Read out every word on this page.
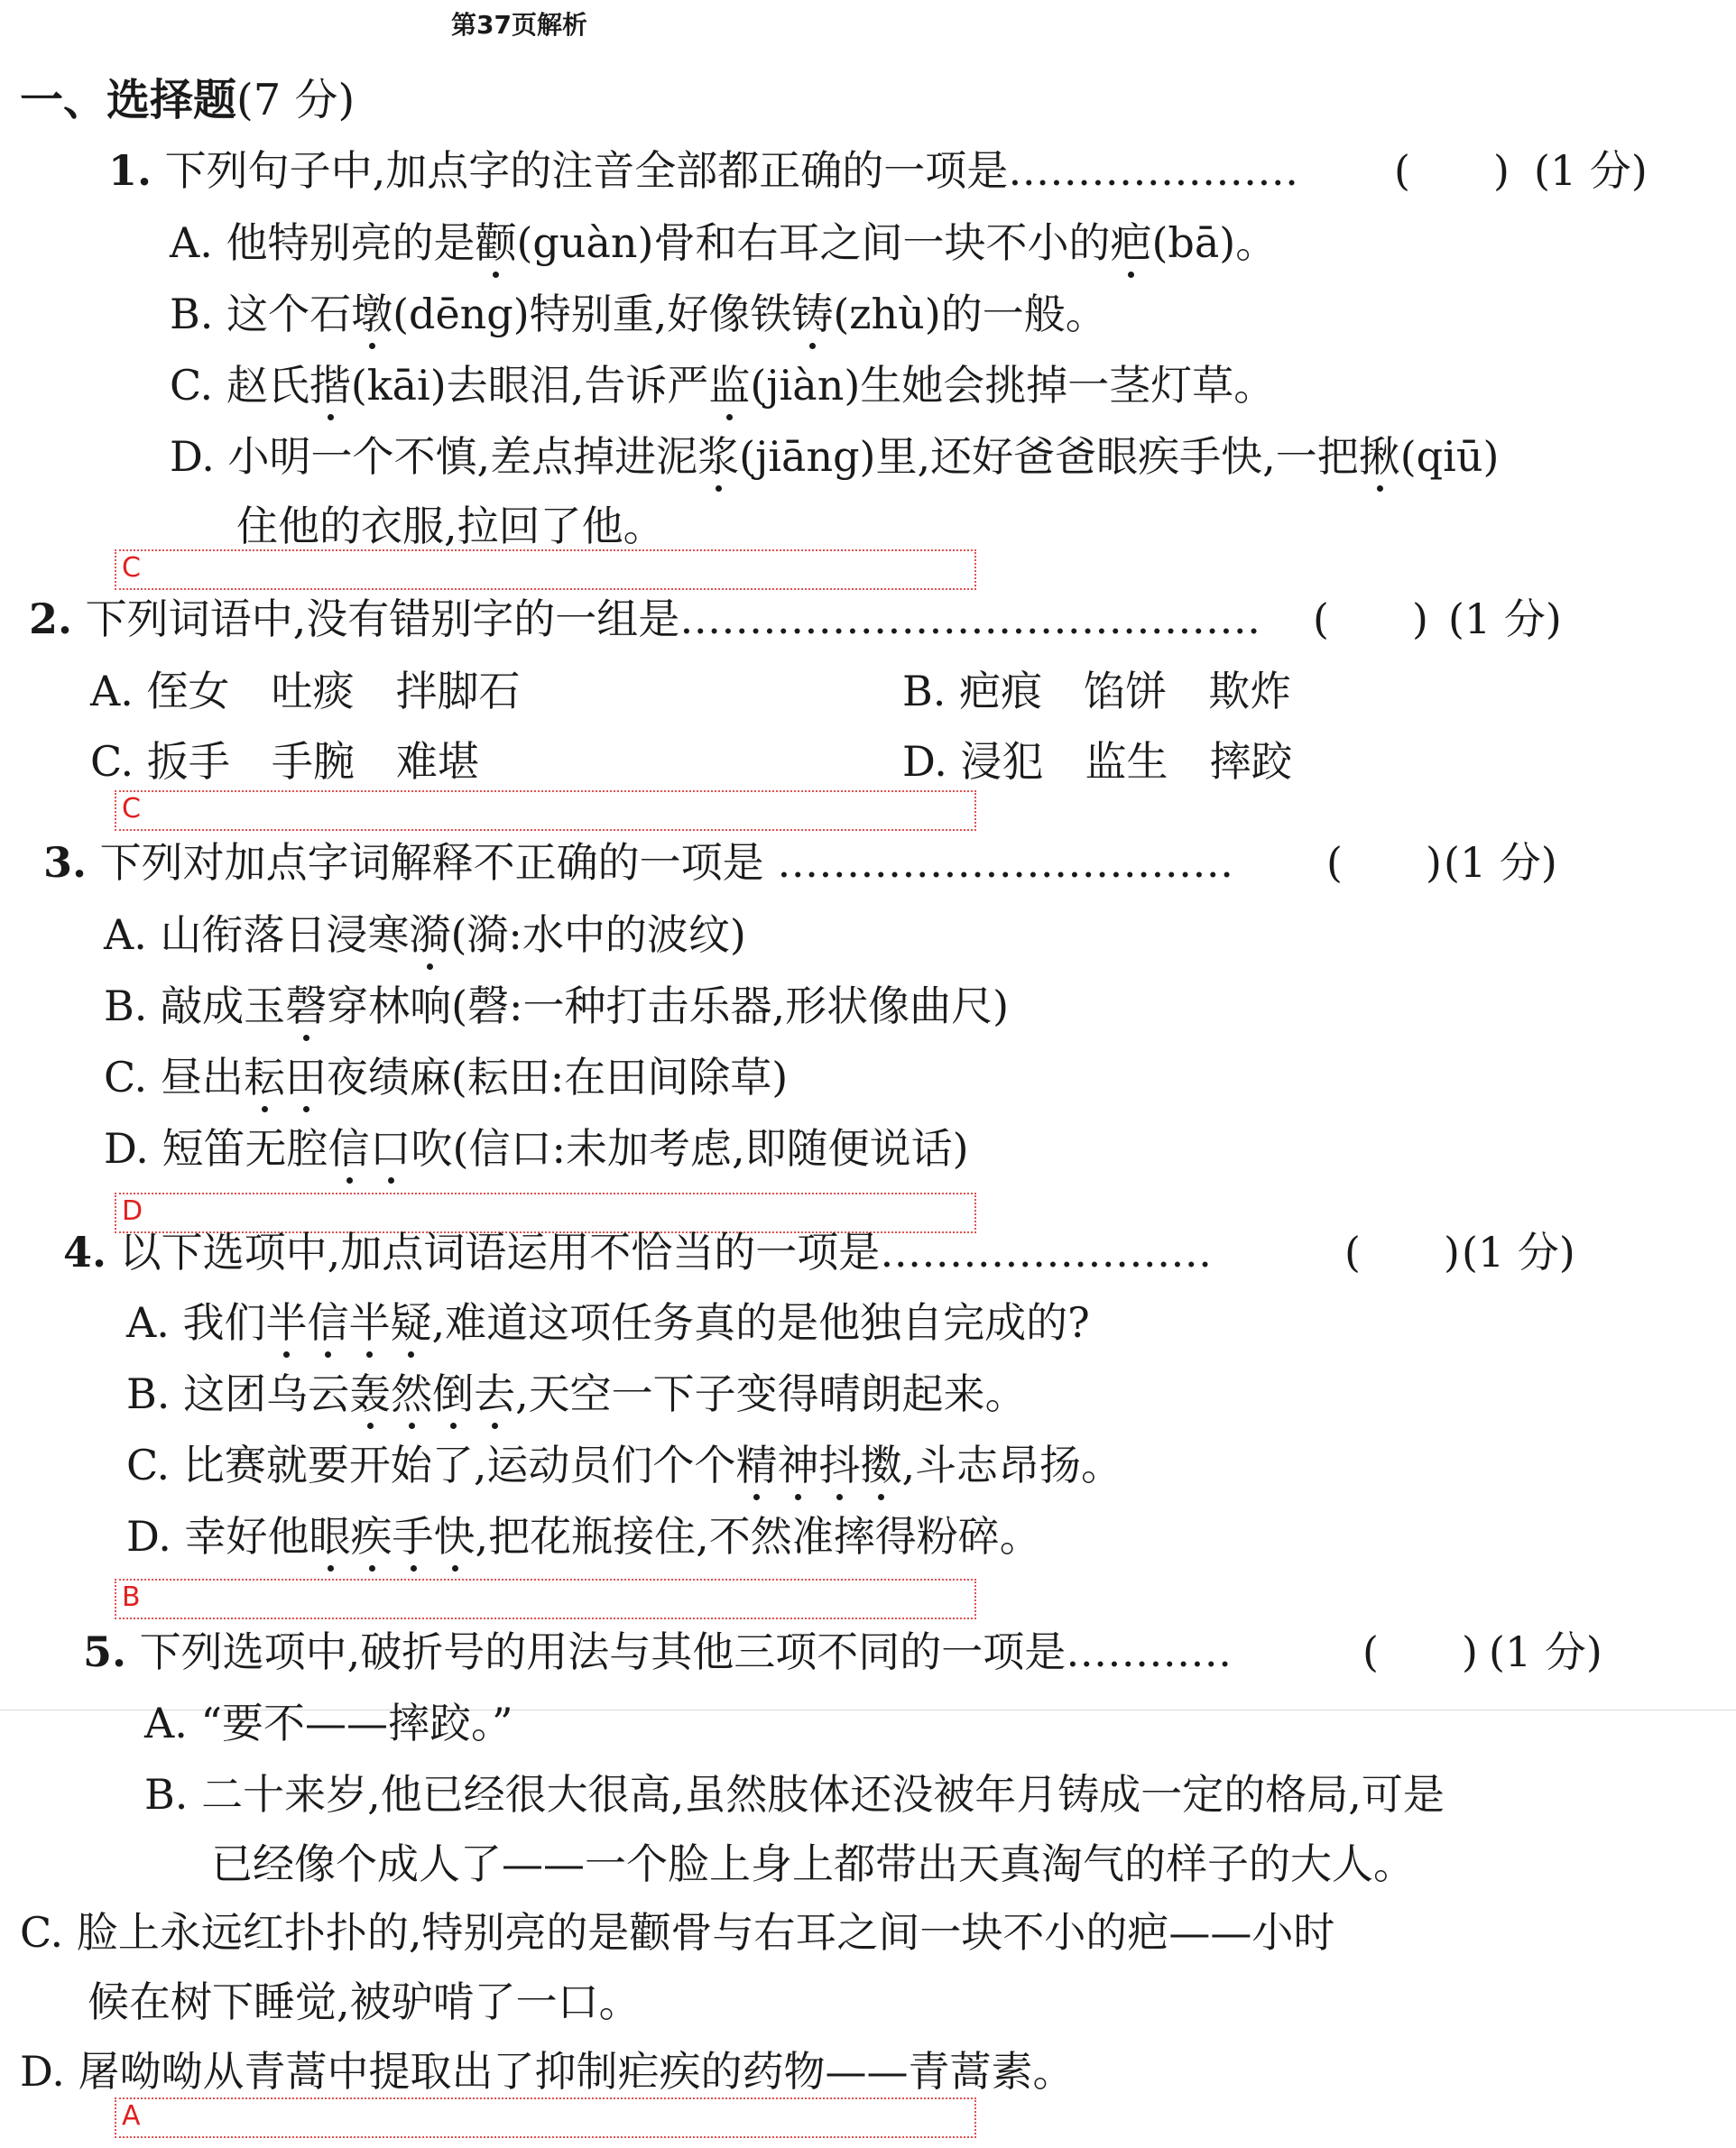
第37页解析
一、选择题(7 分)
1. 下列句子中,加点字的注音全部都正确的一项是………………… (　　) (1 分)
A. 他特别亮的是颧(guàn)骨和右耳之间一块不小的疤(bā)。
B. 这个石墩(dēng)特别重,好像铁铸(zhù)的一般。
C. 赵氏揩(kāi)去眼泪,告诉严监(jiàn)生她会挑掉一茎灯草。
D. 小明一个不慎,差点掉进泥浆(jiāng)里,还好爸爸眼疾手快,一把揪(qiū)
住他的衣服,拉回了他。
C
2. 下列词语中,没有错别字的一组是…………………………………… (　　) (1 分)
A. 侄女　吐痰　拌脚石	B. 疤痕　馅饼　欺炸
C. 扳手　手腕　难堪	D. 浸犯　监生　摔跤
C
3. 下列对加点字词解释不正确的一项是 …………………………… (　　) (1 分)
A. 山衔落日浸寒漪(漪:水中的波纹)
B. 敲成玉磬穿林响(磬:一种打击乐器,形状像曲尺)
C. 昼出耘田夜绩麻(耘田:在田间除草)
D. 短笛无腔信口吹(信口:未加考虑,即随便说话)
D
4. 以下选项中,加点词语运用不恰当的一项是……………………	(　　) (1 分)
A. 我们半信半疑,难道这项任务真的是他独自完成的?
B. 这团乌云轰然倒去,天空一下子变得晴朗起来。
C. 比赛就要开始了,运动员们个个精神抖擞,斗志昂扬。
D. 幸好他眼疾手快,把花瓶接住,不然准摔得粉碎。
B
5. 下列选项中,破折号的用法与其他三项不同的一项是…………	(　　) (1 分)
A. “要不——摔跤。”
B. 二十来岁,他已经很大很高,虽然肢体还没被年月铸成一定的格局,可是
已经像个成人了——一个脸上身上都带出天真淘气的样子的大人。
C. 脸上永远红扑扑的,特别亮的是颧骨与右耳之间一块不小的疤——小时
候在树下睡觉,被驴啃了一口。
D. 屠呦呦从青蒿中提取出了抑制疟疾的药物——青蒿素。
A
